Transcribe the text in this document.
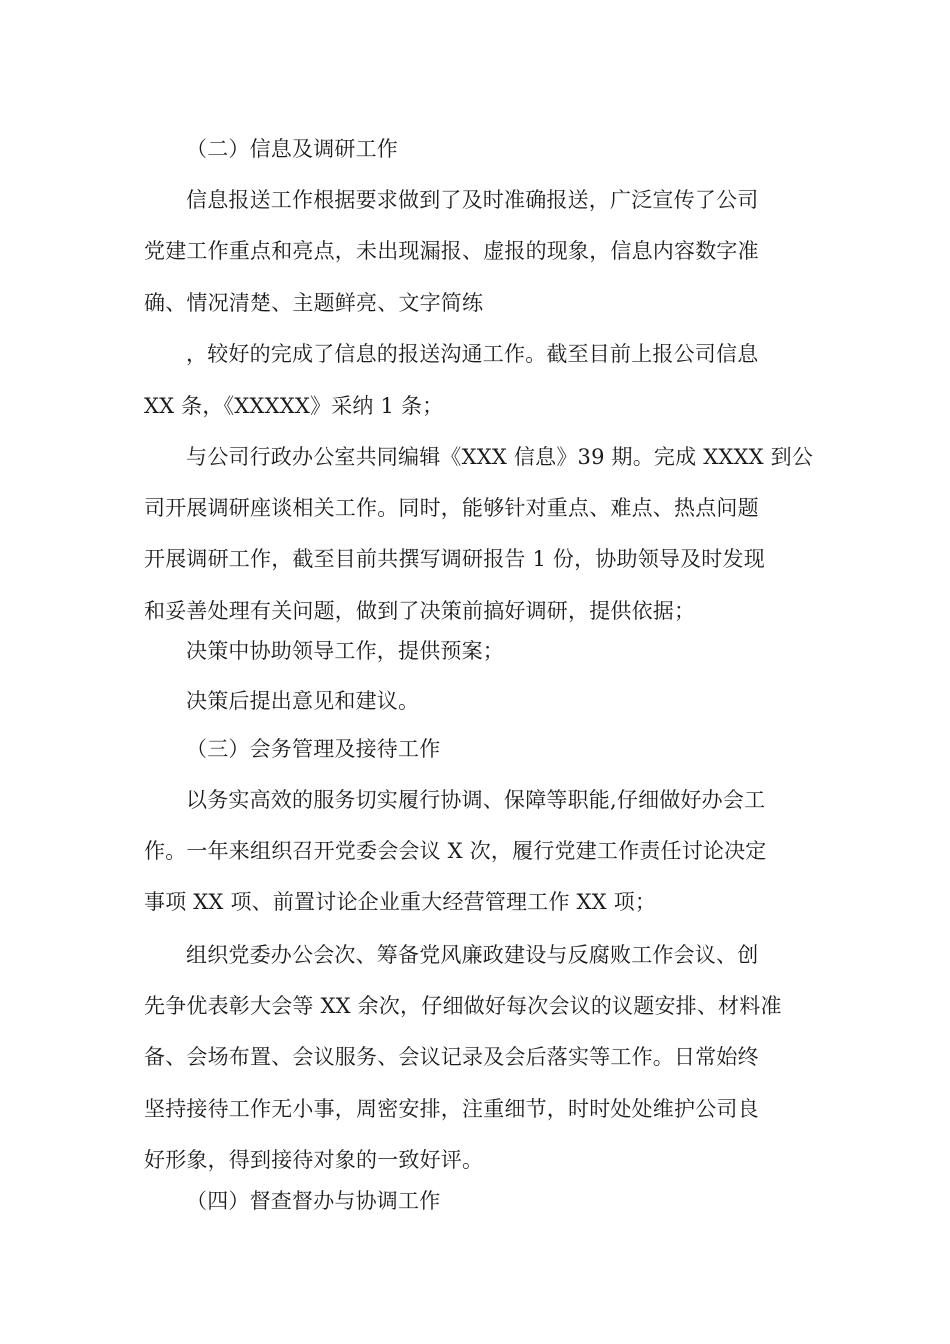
（二）信息及调研工作
信息报送工作根据要求做到了及时准确报送，广泛宣传了公司
党建工作重点和亮点，未出现漏报、虚报的现象，信息内容数字准
确、情况清楚、主题鲜亮、文字简练
，较好的完成了信息的报送沟通工作。截至目前上报公司信息
XX 条，《XXXXX》采纳 1 条；
与公司行政办公室共同编辑《XXX 信息》39 期。完成 XXXX 到公
司开展调研座谈相关工作。同时，能够针对重点、难点、热点问题
开展调研工作，截至目前共撰写调研报告 1 份，协助领导及时发现
和妥善处理有关问题，做到了决策前搞好调研，提供依据；
决策中协助领导工作，提供预案；
决策后提出意见和建议。
（三）会务管理及接待工作
以务实高效的服务切实履行协调、保障等职能,仔细做好办会工
作。一年来组织召开党委会会议 X 次，履行党建工作责任讨论决定
事项 XX 项、前置讨论企业重大经营管理工作 XX 项；
组织党委办公会次、筹备党风廉政建设与反腐败工作会议、创
先争优表彰大会等 XX 余次，仔细做好每次会议的议题安排、材料准
备、会场布置、会议服务、会议记录及会后落实等工作。日常始终
坚持接待工作无小事，周密安排，注重细节，时时处处维护公司良
好形象，得到接待对象的一致好评。
（四）督查督办与协调工作
